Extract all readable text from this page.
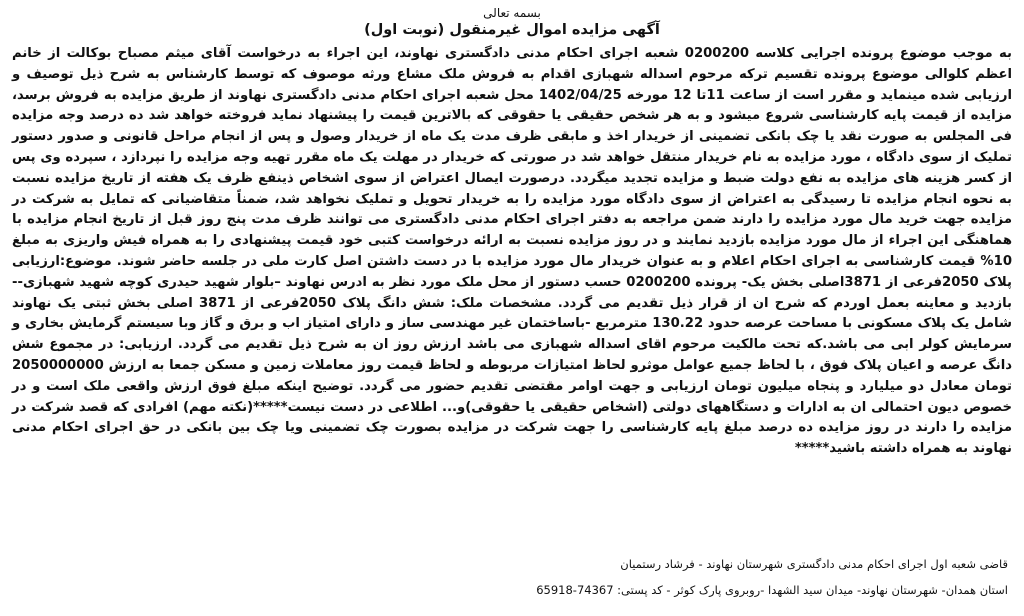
بسمه تعالی

آگهی مزایده اموال غیرمنقول (نوبت اول)

به موجب موضوع پرونده اجرایی کلاسه 0200200 شعبه اجرای احکام مدنی دادگستری نهاوند، این اجراء به درخواست آقای میثم مصباح بوکالت از خانم اعظم کلوالی موضوع پرونده تقسیم ترکه مرحوم اسداله شهبازی اقدام به فروش ملک مشاع ورثه موصوف که توسط کارشناس به شرح ذیل توصیف و ارزیابی شده مینماید و مقرر است از ساعت 11تا 12 مورخه 1402/04/25 محل شعبه اجرای احکام مدنی دادگستری نهاوند از طریق مزایده به فروش برسد، مزایده از قیمت پایه کارشناسی شروع میشود و به هر شخص حقیقی یا حقوقی که بالاترین قیمت را پیشنهاد نماید فروخته خواهد شد ده درصد وجه مزایده فی المجلس به صورت نقد یا چک بانکی تضمینی از خریدار اخذ و مابقی ظرف مدت یک ماه از خریدار وصول و پس از انجام مراحل قانونی و صدور دستور تملیک از سوی دادگاه ، مورد مزایده به نام خریدار منتقل خواهد شد در صورتی که خریدار در مهلت یک ماه مقرر تهیه وجه مزایده را نپردازد ، سپرده وی پس از کسر هزینه های مزایده به نفع دولت ضبط و مزایده تجدید میگردد. درصورت ایصال اعتراض از سوی اشخاص ذینفع ظرف یک هفته از تاریخ مزایده نسبت به نحوه انجام مزایده تا رسیدگی به اعتراض از سوی دادگاه مورد مزایده را به خریدار تحویل و تملیک نخواهد شد، ضمناً متقاضیانی که تمایل به شرکت در مزایده جهت خرید مال مورد مزایده را دارند ضمن مراجعه به دفتر اجرای احکام مدنی دادگستری می توانند ظرف مدت پنج روز قبل از تاریخ انجام مزایده با هماهنگی این اجراء از مال مورد مزایده بازدید نمایند و در روز مزایده نسبت به ارائه درخواست کتبی خود قیمت پیشنهادی را به همراه فیش واریزی به مبلغ 10% قیمت کارشناسی به اجرای احکام اعلام و به عنوان خریدار مال مورد مزایده با در دست داشتن اصل کارت ملی در جلسه حاضر شوند. موضوع:ارزیابی پلاک 2050فرعی از 3871اصلی بخش یک- پرونده 0200200 حسب دستور از محل ملک مورد نظر به ادرس نهاوند –بلوار شهید حیدری کوچه شهید شهبازی--بازدید و معاینه بعمل اوردم که شرح ان از قرار ذیل تقدیم می گردد. مشخصات ملک: شش دانگ پلاک 2050فرعی از 3871 اصلی بخش ثبتی یک نهاوند شامل یک پلاک مسکونی با مساحت عرصه حدود 130.22 مترمربع -باساختمان غیر مهندسی ساز و دارای امتیاز اب و برق و گاز وبا سیستم گرمایش بخاری و سرمایش کولر ابی می باشد.که تحت مالکیت مرحوم اقای اسداله شهبازی می باشد ارزش روز ان به شرح ذیل تقدیم می گردد. ارزیابی: در مجموع شش دانگ عرصه و اعیان پلاک فوق ، با لحاظ جمیع عوامل موثرو لحاظ امتیازات مربوطه و لحاظ قیمت روز معاملات زمین و مسکن جمعا به ارزش 2050000000 تومان معادل دو میلیارد و پنجاه میلیون تومان ارزیابی و جهت اوامر مقتضی تقدیم حضور می گردد. توضیح اینکه مبلغ فوق ارزش واقعی ملک است و در خصوص دیون احتمالی ان به ادارات و دستگاههای دولتی (اشخاص حقیقی یا حقوقی)و... اطلاعی در دست نیست*****(نکته مهم) افرادی که قصد شرکت در مزایده را دارند در روز مزایده ده درصد مبلغ پایه کارشناسی را جهت شرکت در مزایده بصورت چک تضمینی ویا چک بین بانکی در حق اجرای احکام مدنی نهاوند به همراه داشته باشید*****

قاضی شعبه اول اجرای احکام مدنی دادگستری شهرستان نهاوند - فرشاد رستمیان

استان همدان- شهرستان نهاوند- میدان سید الشهدا -روبروی پارک کوثر - کد پستی: 74367-65918
